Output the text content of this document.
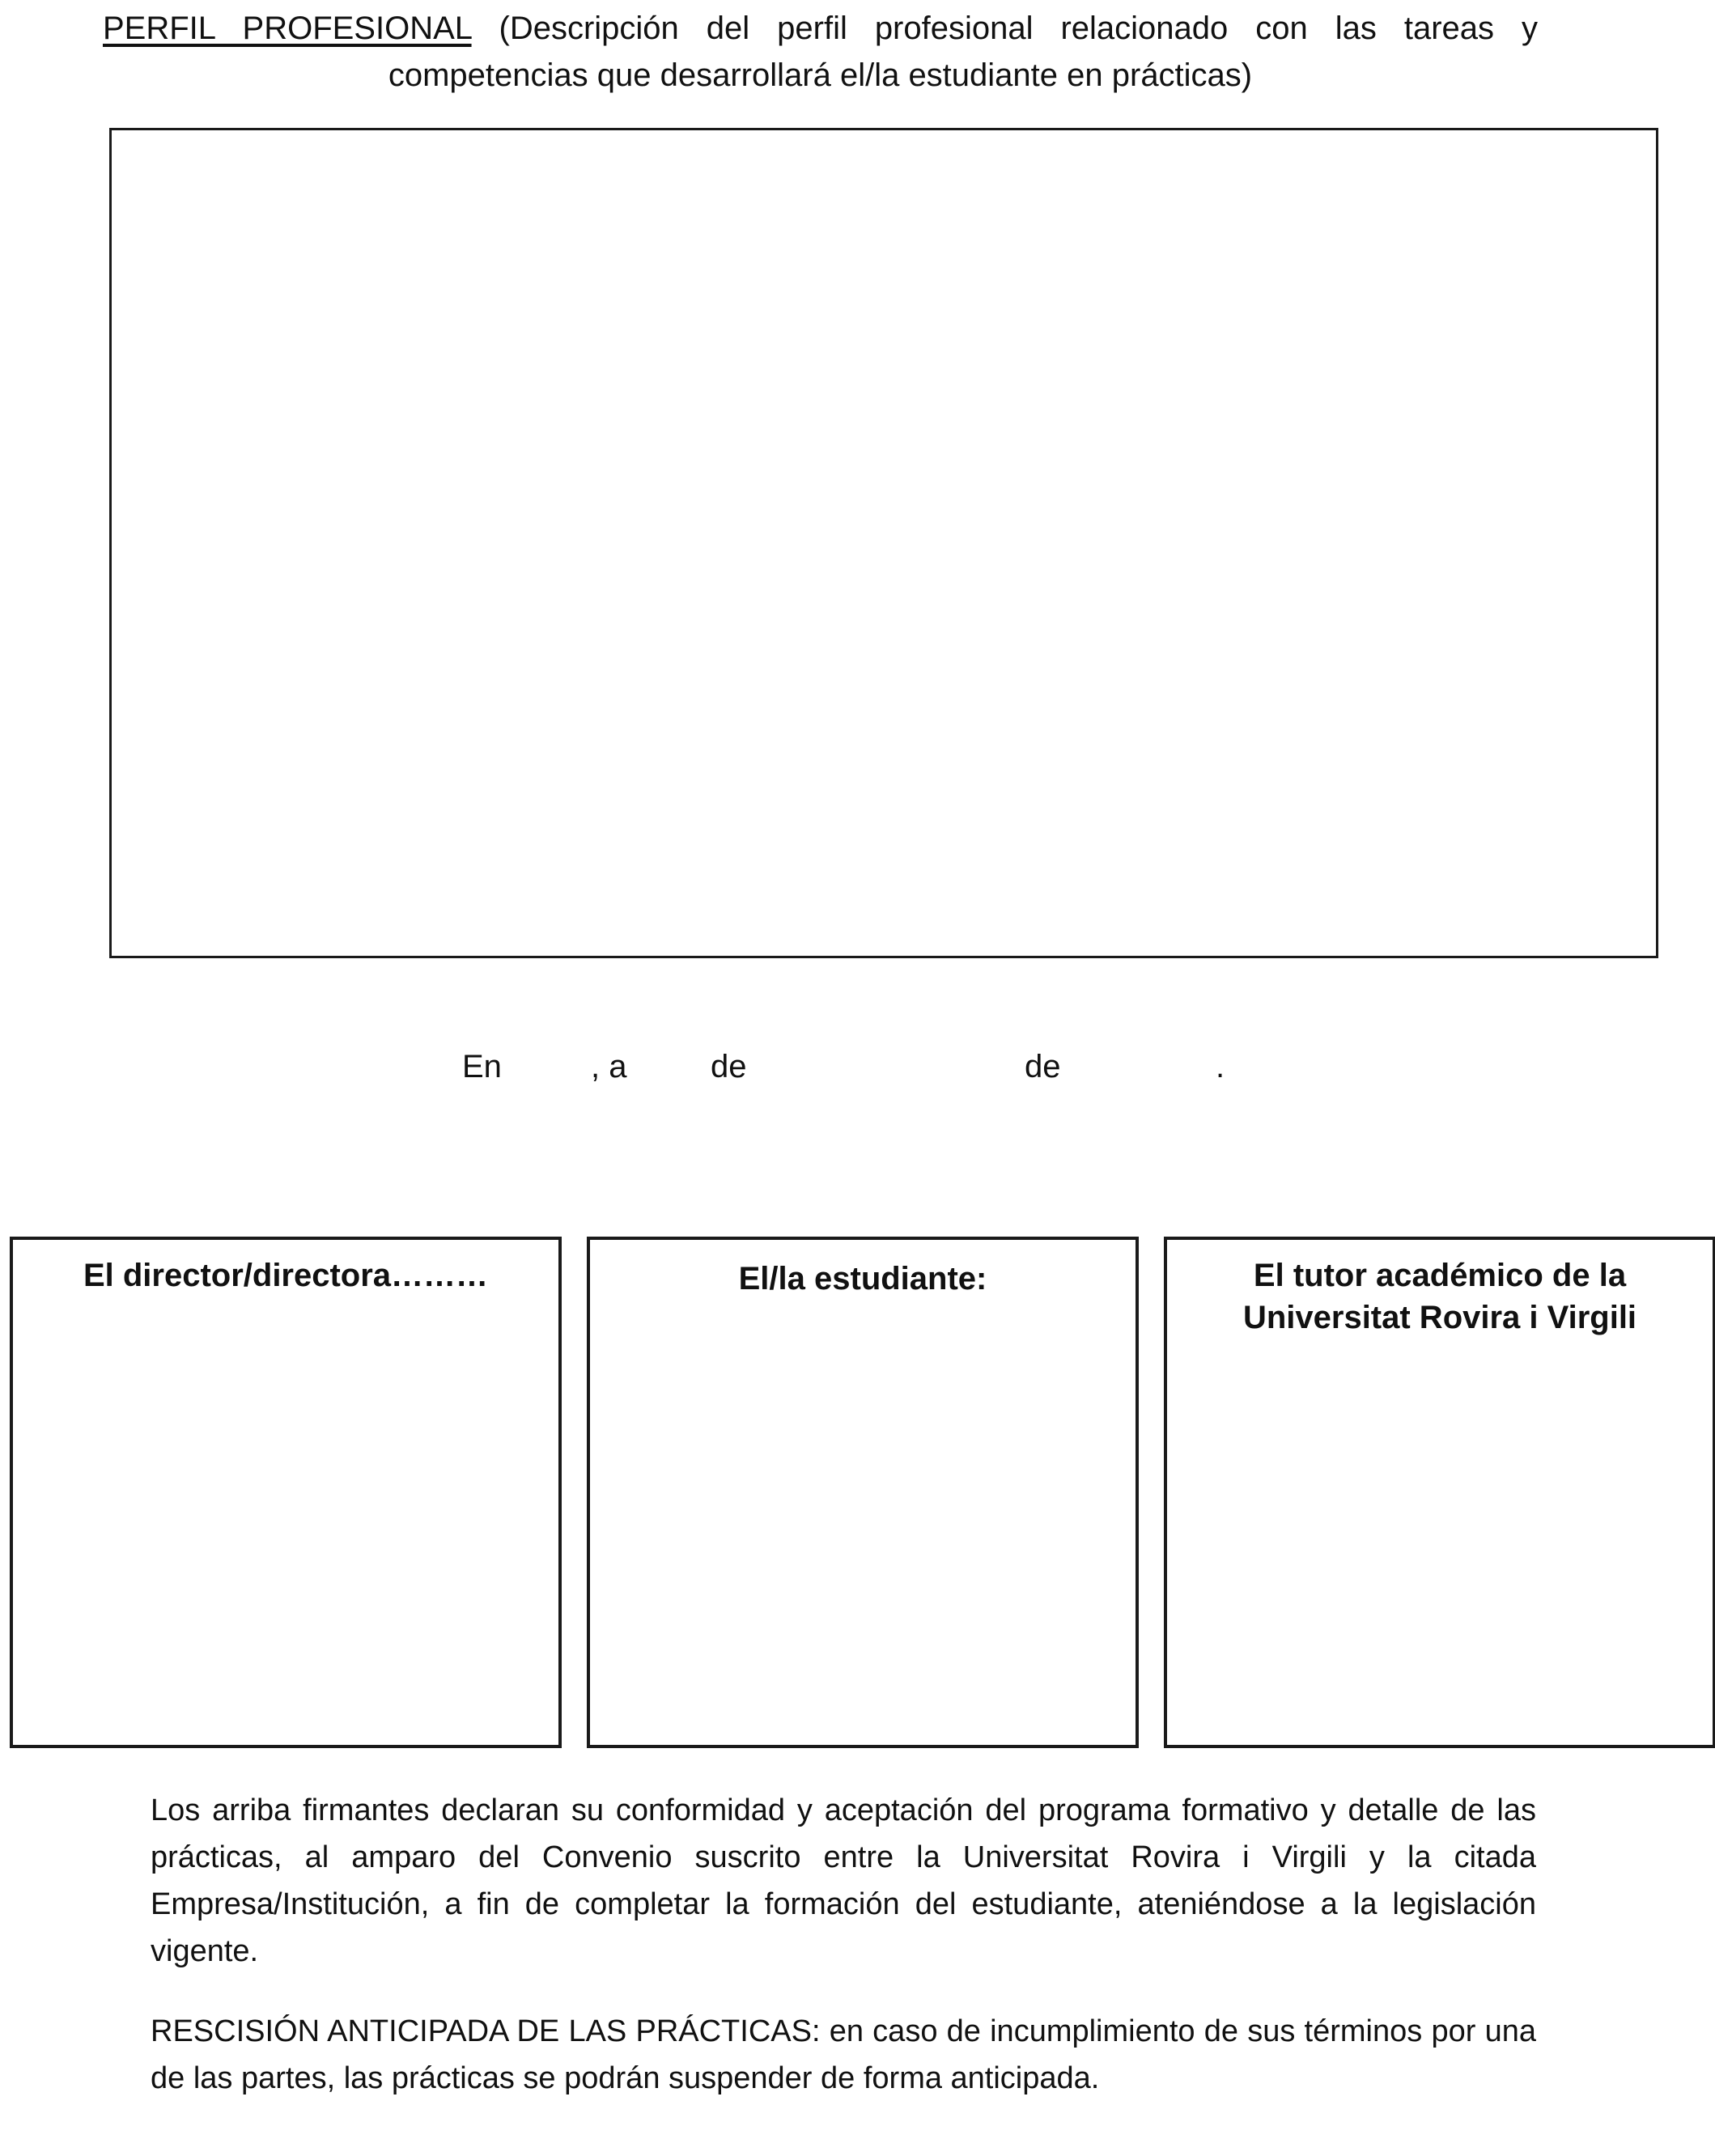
PERFIL PROFESIONAL (Descripción del perfil profesional relacionado con las tareas y
competencias que desarrollará el/la estudiante en prácticas)
En	, a	de	de	.
El director/directora………	El/la estudiante:	El tutor académico de la Universitat Rovira i Virgili

Los arriba firmantes declaran su conformidad y aceptación del programa formativo y detalle de las prácticas, al amparo del Convenio suscrito entre la Universitat Rovira i Virgili y la citada Empresa/Institución, a fin de completar la formación del estudiante, ateniéndose a la legislación vigente.

RESCISIÓN ANTICIPADA DE LAS PRÁCTICAS: en caso de incumplimiento de sus términos por una de las partes, las prácticas se podrán suspender de forma anticipada.
